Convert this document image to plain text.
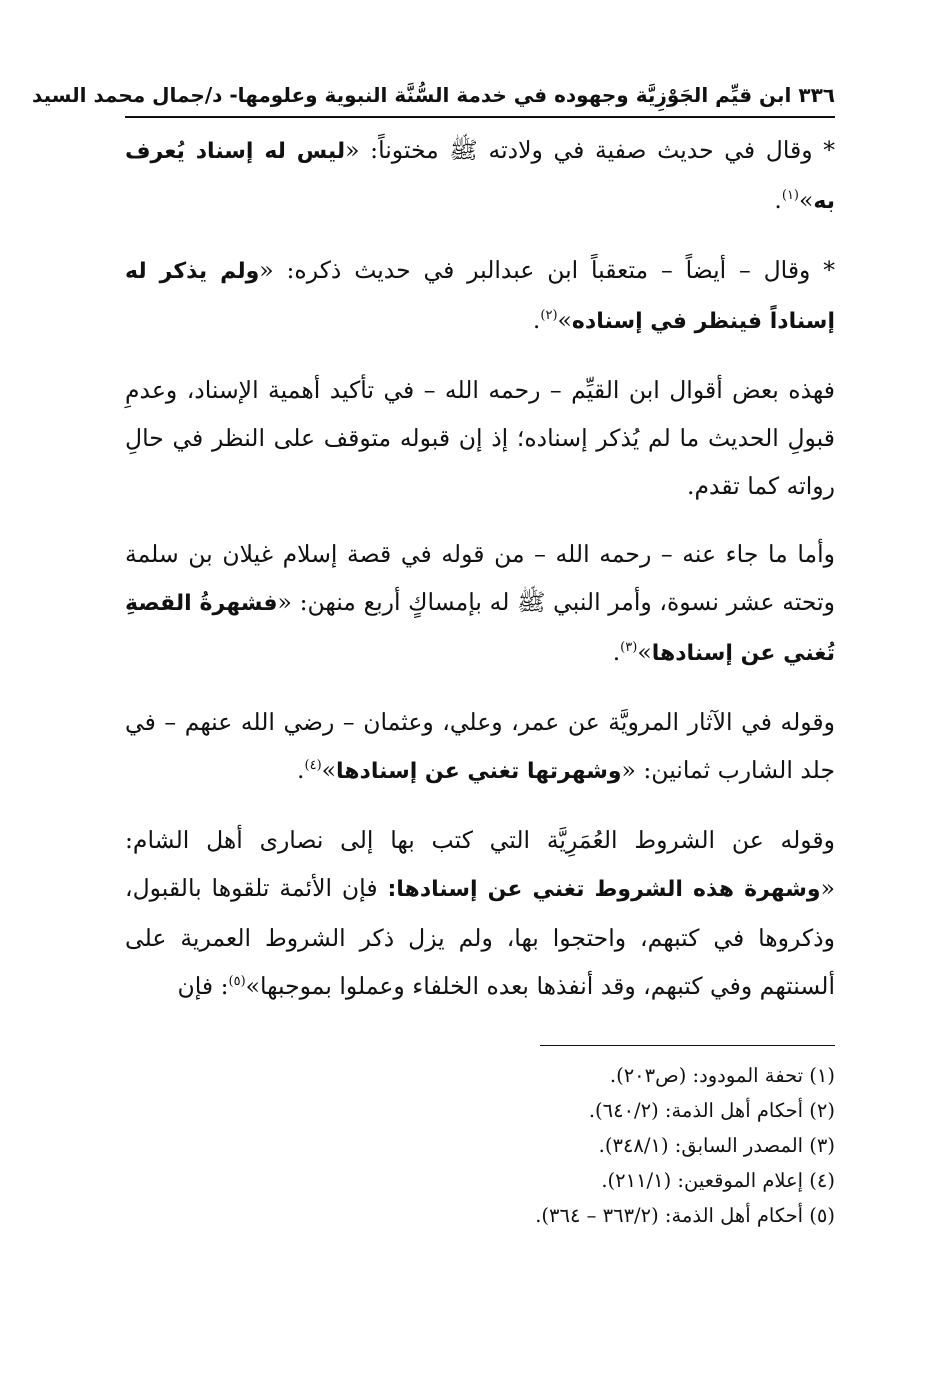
٣٣٦ ابن قيِّم الجَوْزِيَّة وجهوده في خدمة السُّنَّة النبوية وعلومها- د/جمال محمد السيد

* وقال في حديث صفية في ولادته ﷺ مختوناً: «ليس له إسناد يُعرف به»$^{(١)}$.

* وقال – أيضاً – متعقباً ابن عبدالبر في حديث ذكره: «ولم يذكر له إسناداً فينظر في إسناده»$^{(٢)}$.

فهذه بعض أقوال ابن القيِّم – رحمه الله – في تأكيد أهمية الإسناد، وعدمِ قبولِ الحديث ما لم يُذكر إسناده؛ إذ إن قبوله متوقف على النظر في حالِ رواته كما تقدم.

وأما ما جاء عنه – رحمه الله – من قوله في قصة إسلام غيلان بن سلمة وتحته عشر نسوة، وأمر النبي ﷺ له بإمساكٍ أربع منهن: «فشهرةُ القصةِ تُغني عن إسنادها»$^{(٣)}$.

وقوله في الآثار المرويَّة عن عمر، وعلي، وعثمان – رضي الله عنهم – في جلد الشارب ثمانين: «وشهرتها تغني عن إسنادها»$^{(٤)}$.

وقوله عن الشروط العُمَرِيَّة التي كتب بها إلى نصارى أهل الشام: «وشهرة هذه الشروط تغني عن إسنادها: فإن الأئمة تلقوها بالقبول، وذكروها في كتبهم، واحتجوا بها، ولم يزل ذكر الشروط العمرية على ألسنتهم وفي كتبهم، وقد أنفذها بعده الخلفاء وعملوا بموجبها»$^{(٥)}$: فإن

(١) تحفة المودود: (ص٢٠٣).

(٢) أحكام أهل الذمة: (٦٤٠/٢).

(٣) المصدر السابق: (٣٤٨/١).

(٤) إعلام الموقعين: (٢١١/١).

(٥) أحكام أهل الذمة: (٣٦٣/٢ – ٣٦٤).
